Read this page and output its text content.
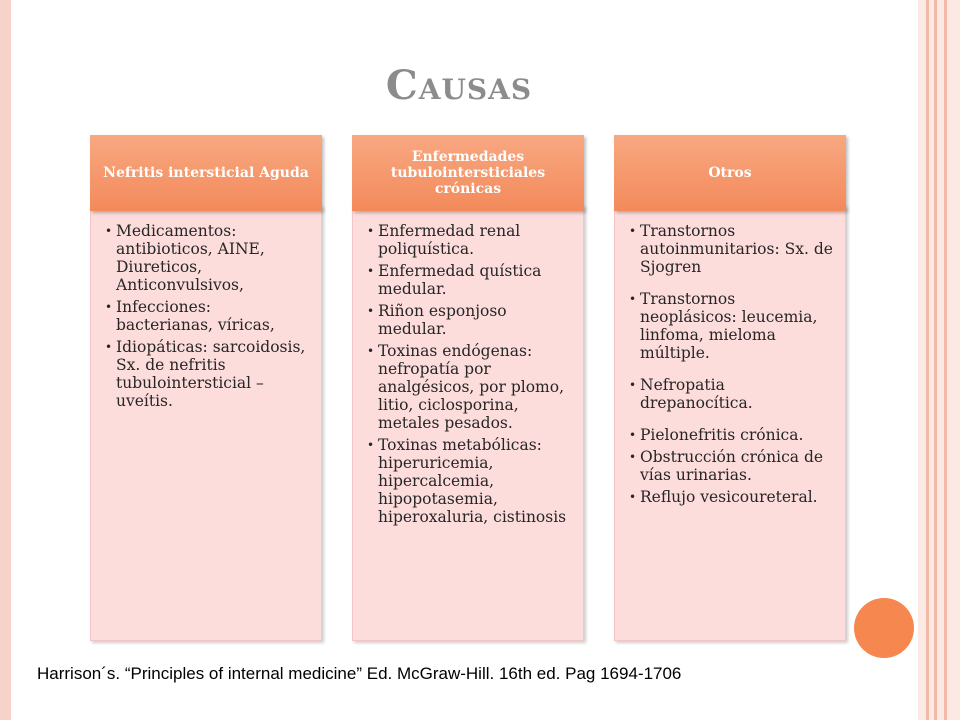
Causas
Nefritis intersticial Aguda
• Medicamentos: antibioticos, AINE, Diureticos, Anticonvulsivos,
• Infecciones: bacterianas, víricas,
• Idiopáticas: sarcoidosis, Sx. de nefritis tubulointersticial – uveítis.
Enfermedades tubulointersticiales crónicas
• Enfermedad renal poliquística.
• Enfermedad quística medular.
• Riñon esponjoso medular.
• Toxinas endógenas: nefropatía por analgésicos, por plomo, litio, ciclosporina, metales pesados.
• Toxinas metabólicas: hiperuricemia, hipercalcemia, hipopotasemia, hiperoxaluria, cistinosis
Otros
• Transtornos autoinmunitarios: Sx. de Sjogren
• Transtornos neoplásicos: leucemia, linfoma, mieloma múltiple.
• Nefropatia drepanocítica.
• Pielonefritis crónica.
• Obstrucción crónica de vías urinarias.
• Reflujo vesicoureteral.
Harrison´s. “Principles of internal medicine” Ed. McGraw-Hill. 16th ed. Pag 1694-1706
